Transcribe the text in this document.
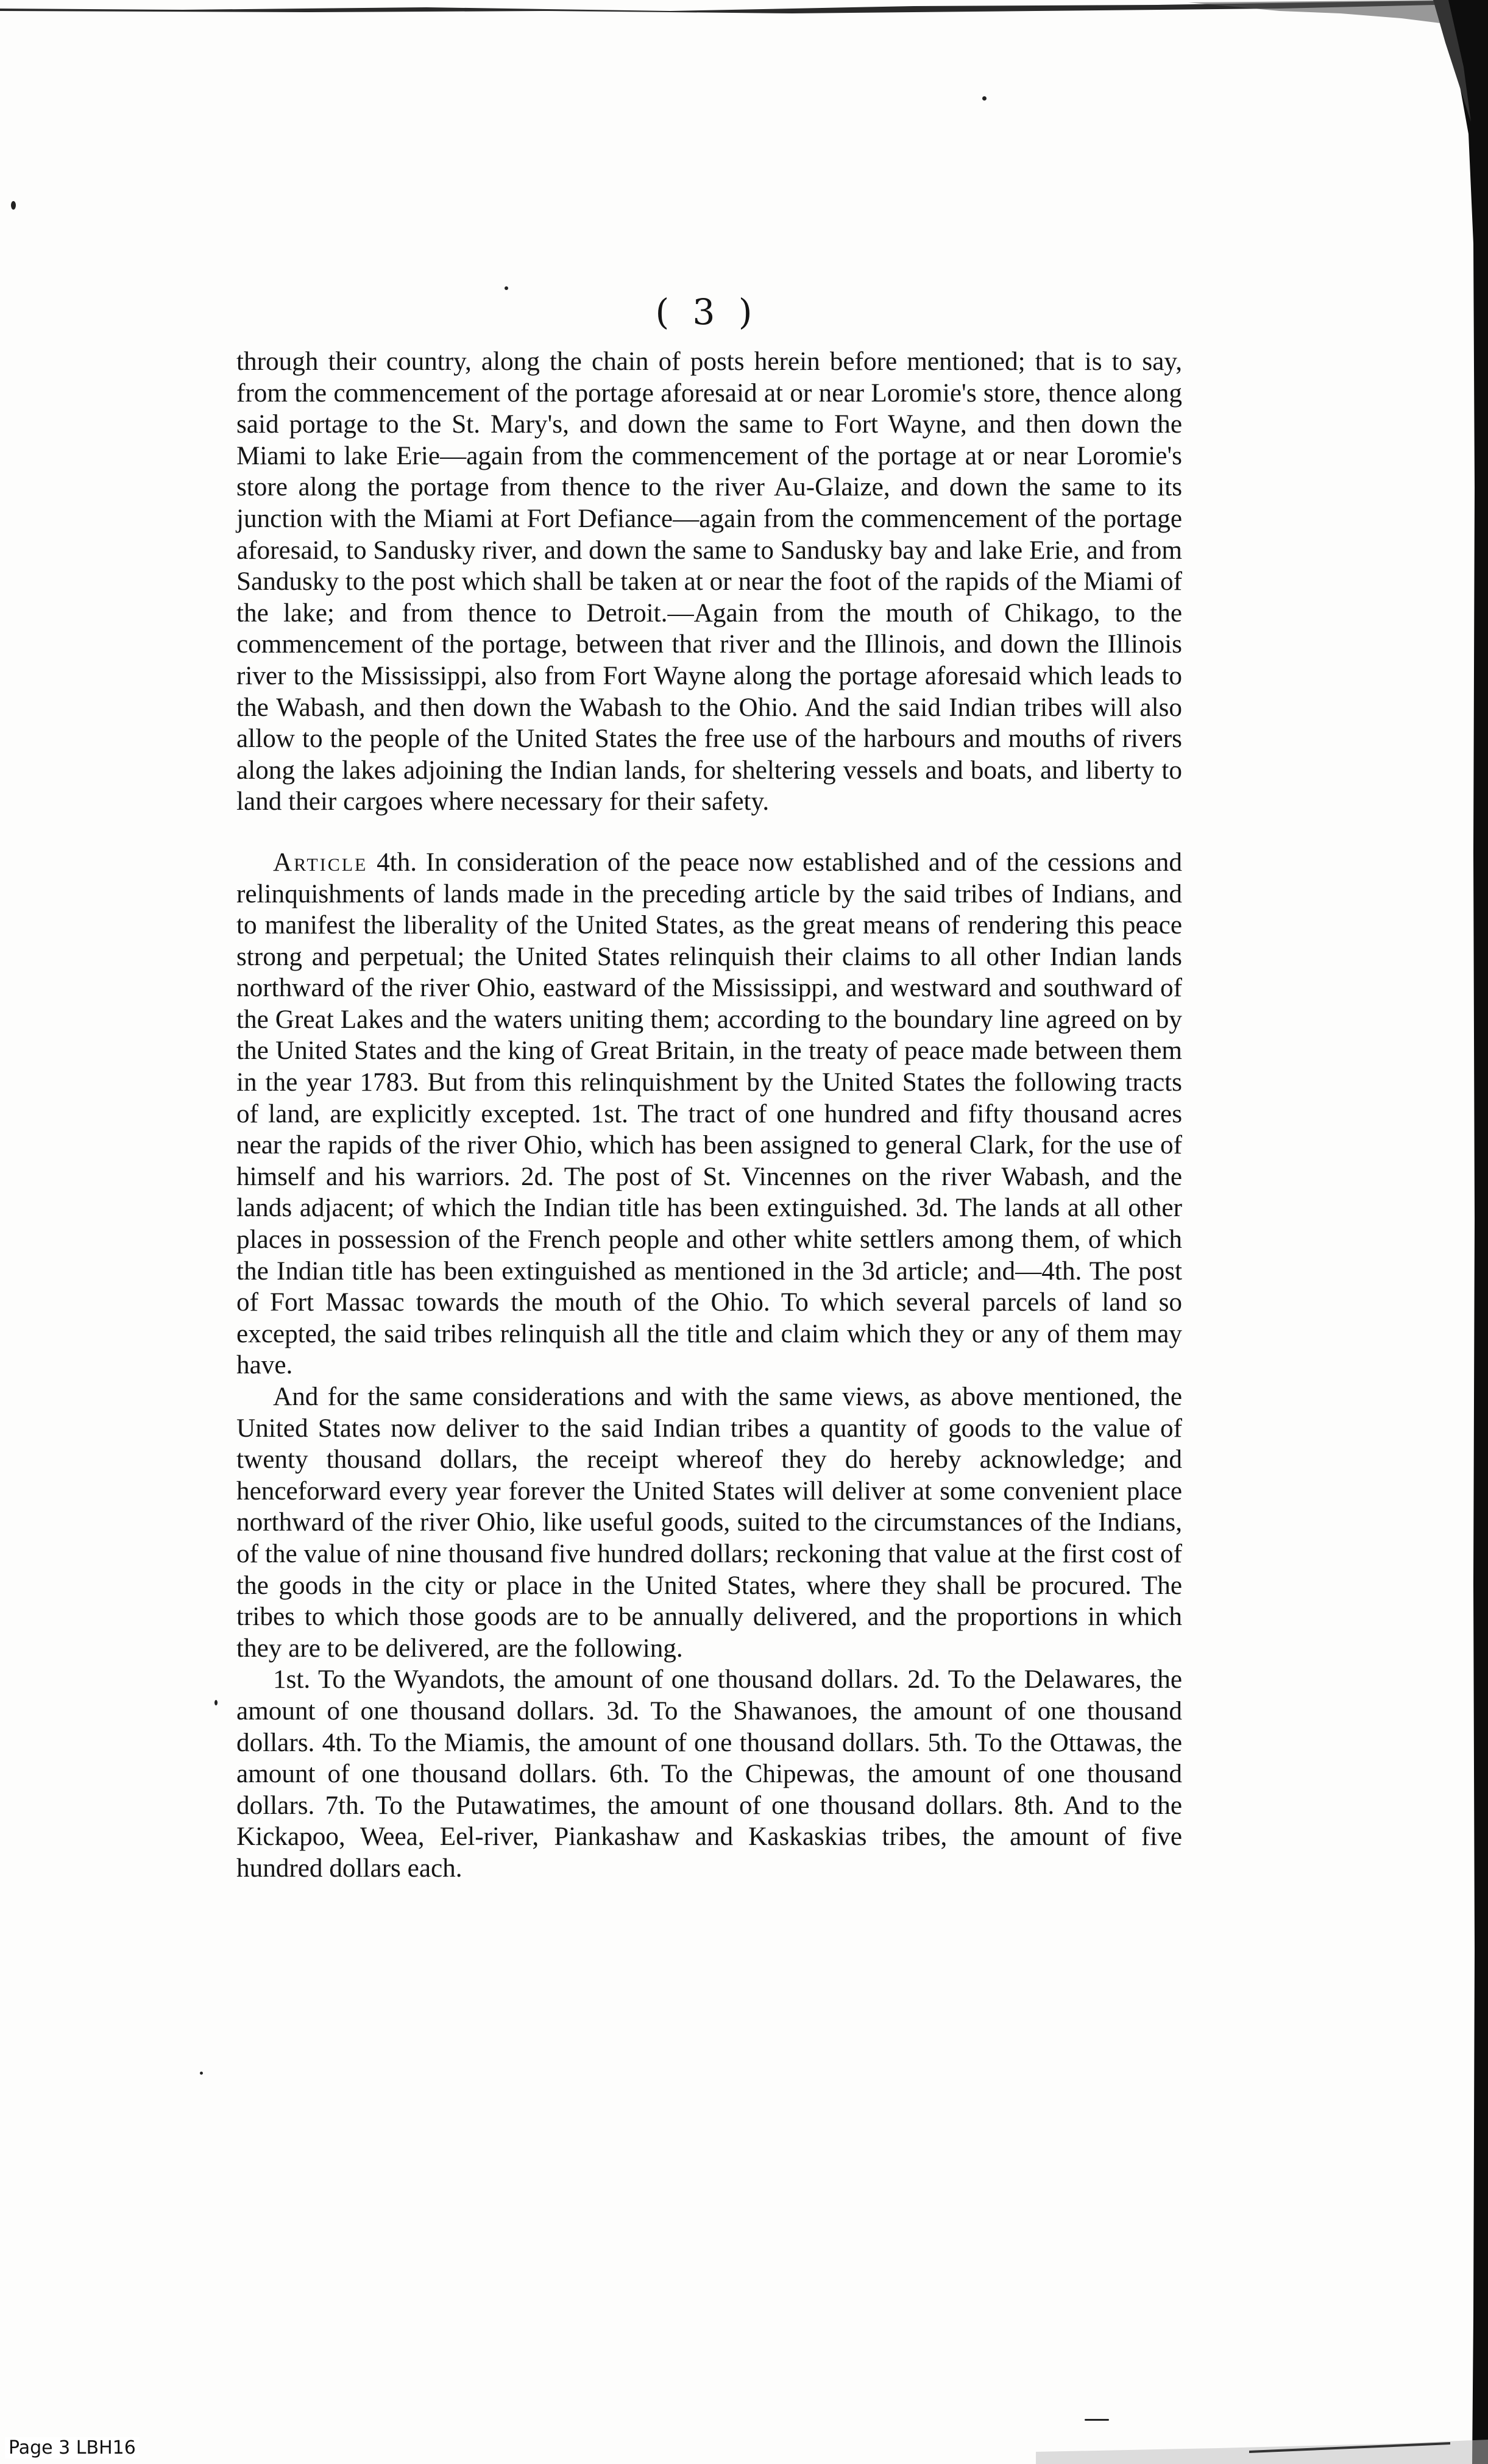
( 3 )

through their country, along the chain of posts herein before mentioned; that is to say, from the commencement of the portage aforesaid at or near Loromie's store, thence along said portage to the St. Mary's, and down the same to Fort Wayne, and then down the Miami to lake Erie—again from the commencement of the portage at or near Loromie's store along the portage from thence to the river Au-Glaize, and down the same to its junction with the Miami at Fort Defiance—again from the commencement of the portage aforesaid, to Sandusky river, and down the same to Sandusky bay and lake Erie, and from Sandusky to the post which shall be taken at or near the foot of the rapids of the Miami of the lake; and from thence to Detroit.—Again from the mouth of Chikago, to the commencement of the portage, between that river and the Illinois, and down the Illinois river to the Mississippi, also from Fort Wayne along the portage aforesaid which leads to the Wabash, and then down the Wabash to the Ohio. And the said Indian tribes will also allow to the people of the United States the free use of the harbours and mouths of rivers along the lakes adjoining the Indian lands, for sheltering vessels and boats, and liberty to land their cargoes where necessary for their safety.

Article 4th. In consideration of the peace now established and of the cessions and relinquishments of lands made in the preceding article by the said tribes of Indians, and to manifest the liberality of the United States, as the great means of rendering this peace strong and perpetual; the United States relinquish their claims to all other Indian lands northward of the river Ohio, eastward of the Mississippi, and westward and southward of the Great Lakes and the waters uniting them; according to the boundary line agreed on by the United States and the king of Great Britain, in the treaty of peace made between them in the year 1783. But from this relinquishment by the United States the following tracts of land, are explicitly excepted. 1st. The tract of one hundred and fifty thousand acres near the rapids of the river Ohio, which has been assigned to general Clark, for the use of himself and his warriors. 2d. The post of St. Vincennes on the river Wabash, and the lands adjacent; of which the Indian title has been extinguished. 3d. The lands at all other places in possession of the French people and other white settlers among them, of which the Indian title has been extinguished as mentioned in the 3d article; and—4th. The post of Fort Massac towards the mouth of the Ohio. To which several parcels of land so excepted, the said tribes relinquish all the title and claim which they or any of them may have.

And for the same considerations and with the same views, as above mentioned, the United States now deliver to the said Indian tribes a quantity of goods to the value of twenty thousand dollars, the receipt whereof they do hereby acknowledge; and henceforward every year forever the United States will deliver at some convenient place northward of the river Ohio, like useful goods, suited to the circumstances of the Indians, of the value of nine thousand five hundred dollars; reckoning that value at the first cost of the goods in the city or place in the United States, where they shall be procured. The tribes to which those goods are to be annually delivered, and the proportions in which they are to be delivered, are the following.

1st. To the Wyandots, the amount of one thousand dollars. 2d. To the Delawares, the amount of one thousand dollars. 3d. To the Shawanoes, the amount of one thousand dollars. 4th. To the Miamis, the amount of one thousand dollars. 5th. To the Ottawas, the amount of one thousand dollars. 6th. To the Chipewas, the amount of one thousand dollars. 7th. To the Putawatimes, the amount of one thousand dollars. 8th. And to the Kickapoo, Weea, Eel-river, Piankashaw and Kaskaskias tribes, the amount of five hundred dollars each.

Page 3 LBH16
